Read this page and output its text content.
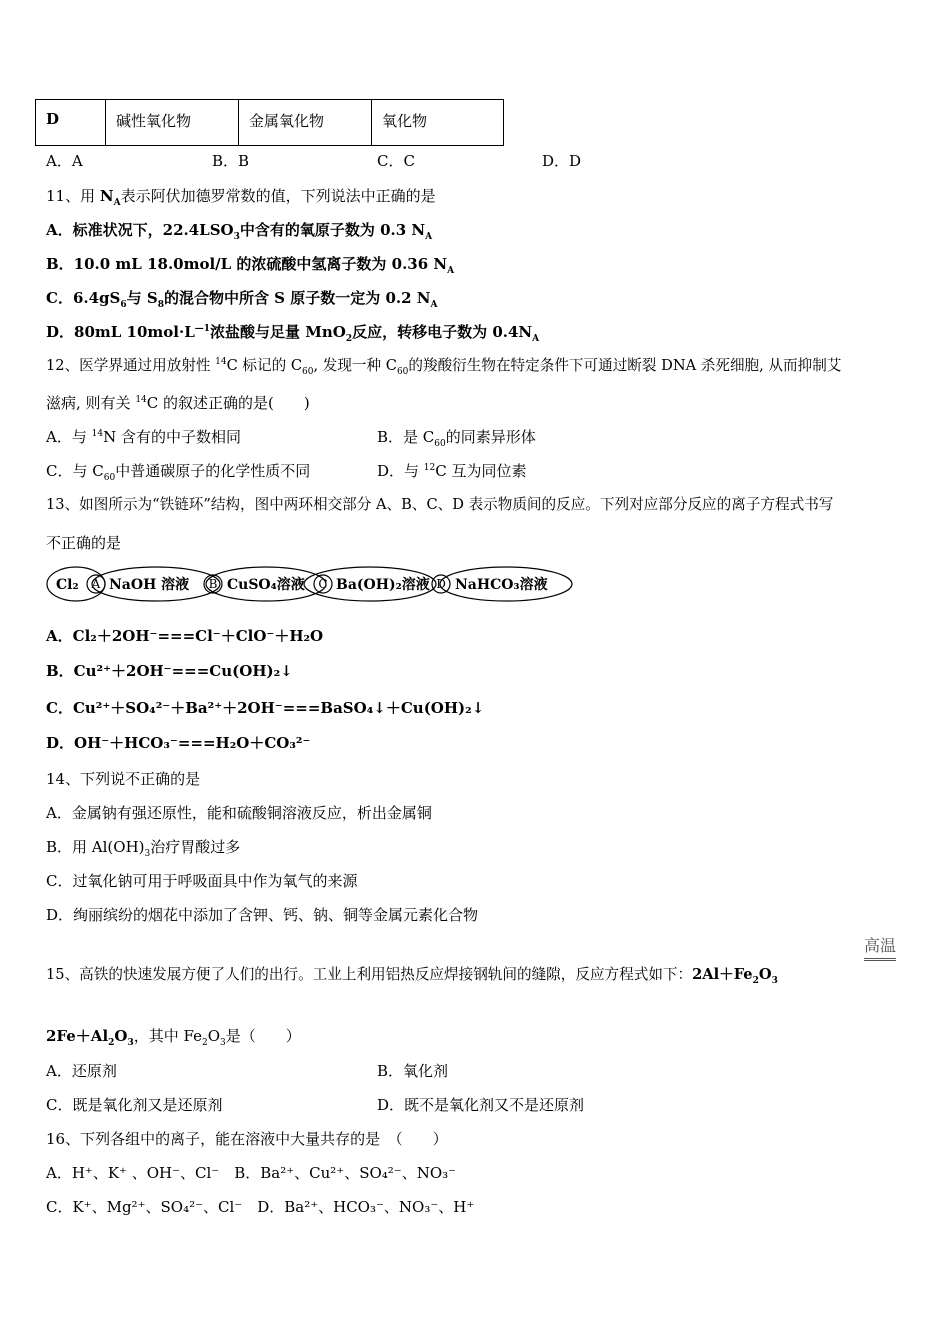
D	碱性氧化物	金属氧化物	氧化物
A．A	B．B	C．C	D．D
11、用 $N_A$表示阿伏加德罗常数的值，下列说法中正确的是
A．标准状况下，$22.4LSO_3$中含有的氧原子数为 0.3 $N_A$
B．10.0 mL 18.0mol/L 的浓硫酸中氢离子数为 0.36 $N_A$
C．$6.4gS_6$与 $S_8$的混合物中所含 S 原子数一定为 0.2 $N_A$
D．80mL $10mol\cdot L^{—1}$浓盐酸与足量 MnO$_2$反应，转移电子数为 $0.4N_A$
12、医学界通过用放射性 $^{14}$C 标记的 $C_{60}$, 发现一种 $C_{60}$的羧酸衍生物在特定条件下可通过断裂 DNA 杀死细胞, 从而抑制艾
滋病, 则有关 $^{14}$C 的叙述正确的是(　　)
A．与 $^{14}$N 含有的中子数相同	B．是 $C_{60}$的同素异形体
C．与 $C_{60}$中普通碳原子的化学性质不同	D．与 $^{12}$C 互为同位素
13、如图所示为“铁链环”结构，图中两环相交部分 A、B、C、D 表示物质间的反应。下列对应部分反应的离子方程式书写
不正确的是
Cl₂ NaOH 溶液	CuSO₄溶液 Ba(OH)₂溶液 NaHCO₃溶液
A	B	C	D
A．Cl₂＋2OH⁻===Cl⁻＋ClO⁻＋H₂O
B．Cu²⁺＋2OH⁻===Cu(OH)₂↓
C．Cu²⁺＋SO₄²⁻＋Ba²⁺＋2OH⁻===BaSO₄↓＋Cu(OH)₂↓
D．OH⁻＋HCO₃⁻===H₂O＋CO₃²⁻
14、下列说不正确的是
A．金属钠有强还原性，能和硫酸铜溶液反应，析出金属铜
B．用 $Al(OH)_3$治疗胃酸过多
C．过氧化钠可用于呼吸面具中作为氧气的来源
D．绚丽缤纷的烟花中添加了含钾、钙、钠、铜等金属元素化合物
高温
15、高铁的快速发展方便了人们的出行。工业上利用铝热反应焊接钢轨间的缝隙，反应方程式如下：$2Al+Fe_2O_3$
$2Fe+Al_2O_3$，其中 $Fe_2O_3$是（　　）
A．还原剂	B．氧化剂
C．既是氧化剂又是还原剂	D．既不是氧化剂又不是还原剂
16、下列各组中的离子，能在溶液中大量共存的是　（　　）
A．H⁺、K⁺ 、OH⁻、Cl⁻　B．Ba²⁺、Cu²⁺、SO₄²⁻、NO₃⁻
C．K⁺、Mg²⁺、SO₄²⁻、Cl⁻　D．Ba²⁺、HCO₃⁻、NO₃⁻、H⁺
